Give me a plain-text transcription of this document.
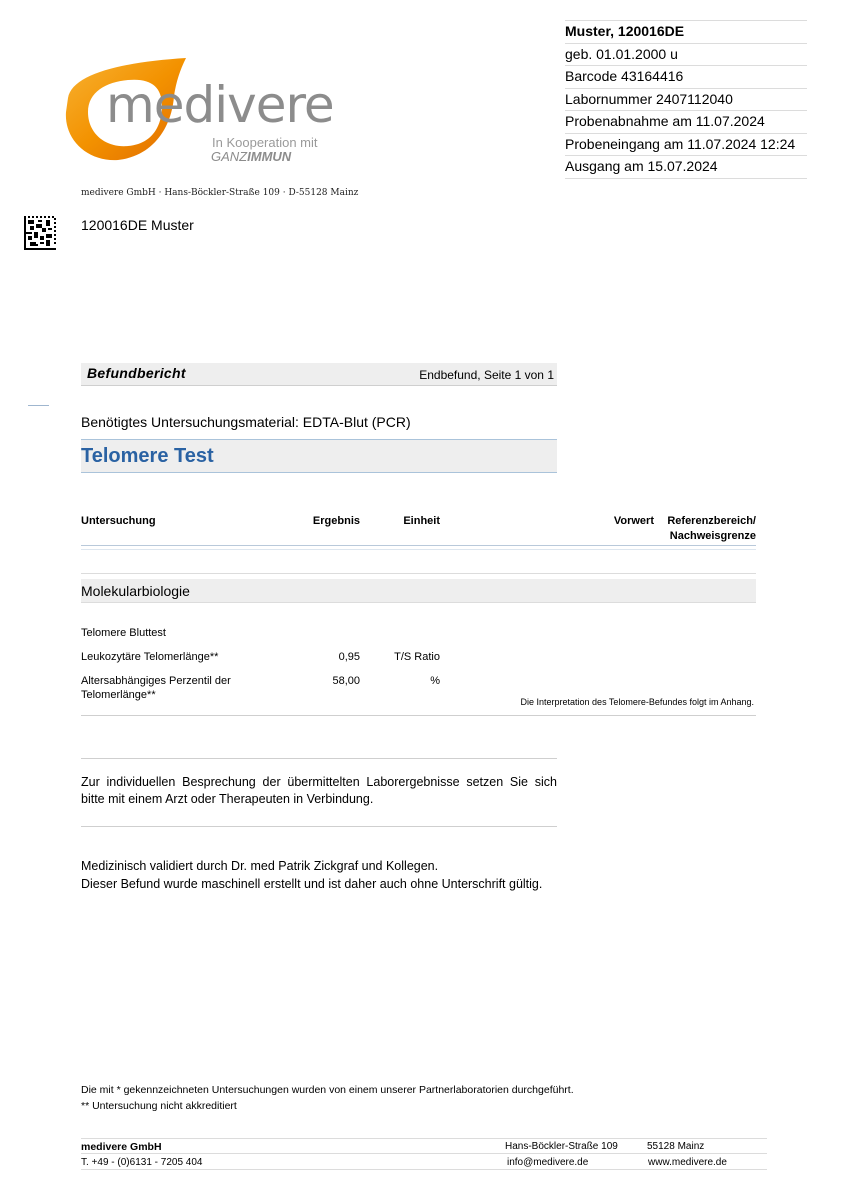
Muster, 120016DE
geb. 01.01.2000 u
Barcode 43164416
Labornummer 2407112040
Probenabnahme am 11.07.2024
Probeneingang am 11.07.2024 12:24
Ausgang am 15.07.2024
medivere
In Kooperation mit
GANZIMMUN
medivere GmbH · Hans-Böckler-Straße 109 · D-55128 Mainz
120016DE Muster
Befundbericht	Endbefund, Seite 1 von 1
Benötigtes Untersuchungsmaterial: EDTA-Blut (PCR)
Telomere Test
Untersuchung	Ergebnis	Einheit	Vorwert	Referenzbereich/
Nachweisgrenze
Molekularbiologie
Telomere Bluttest
Leukozytäre Telomerlänge**	0,95	T/S Ratio
Altersabhängiges Perzentil der
Telomerlänge**
58,00	%
Die Interpretation des Telomere-Befundes folgt im Anhang.
Zur individuellen Besprechung der übermittelten Laborergebnisse setzen Sie sich
bitte mit einem Arzt oder Therapeuten in Verbindung.
Medizinisch validiert durch Dr. med Patrik Zickgraf und Kollegen.
Dieser Befund wurde maschinell erstellt und ist daher auch ohne Unterschrift gültig.
Die mit * gekennzeichneten Untersuchungen wurden von einem unserer Partnerlaboratorien durchgeführt.
** Untersuchung nicht akkreditiert
medivere GmbH	Hans-Böckler-Straße 109	55128 Mainz
T. +49 - (0)6131 - 7205 404	info@medivere.de	www.medivere.de
